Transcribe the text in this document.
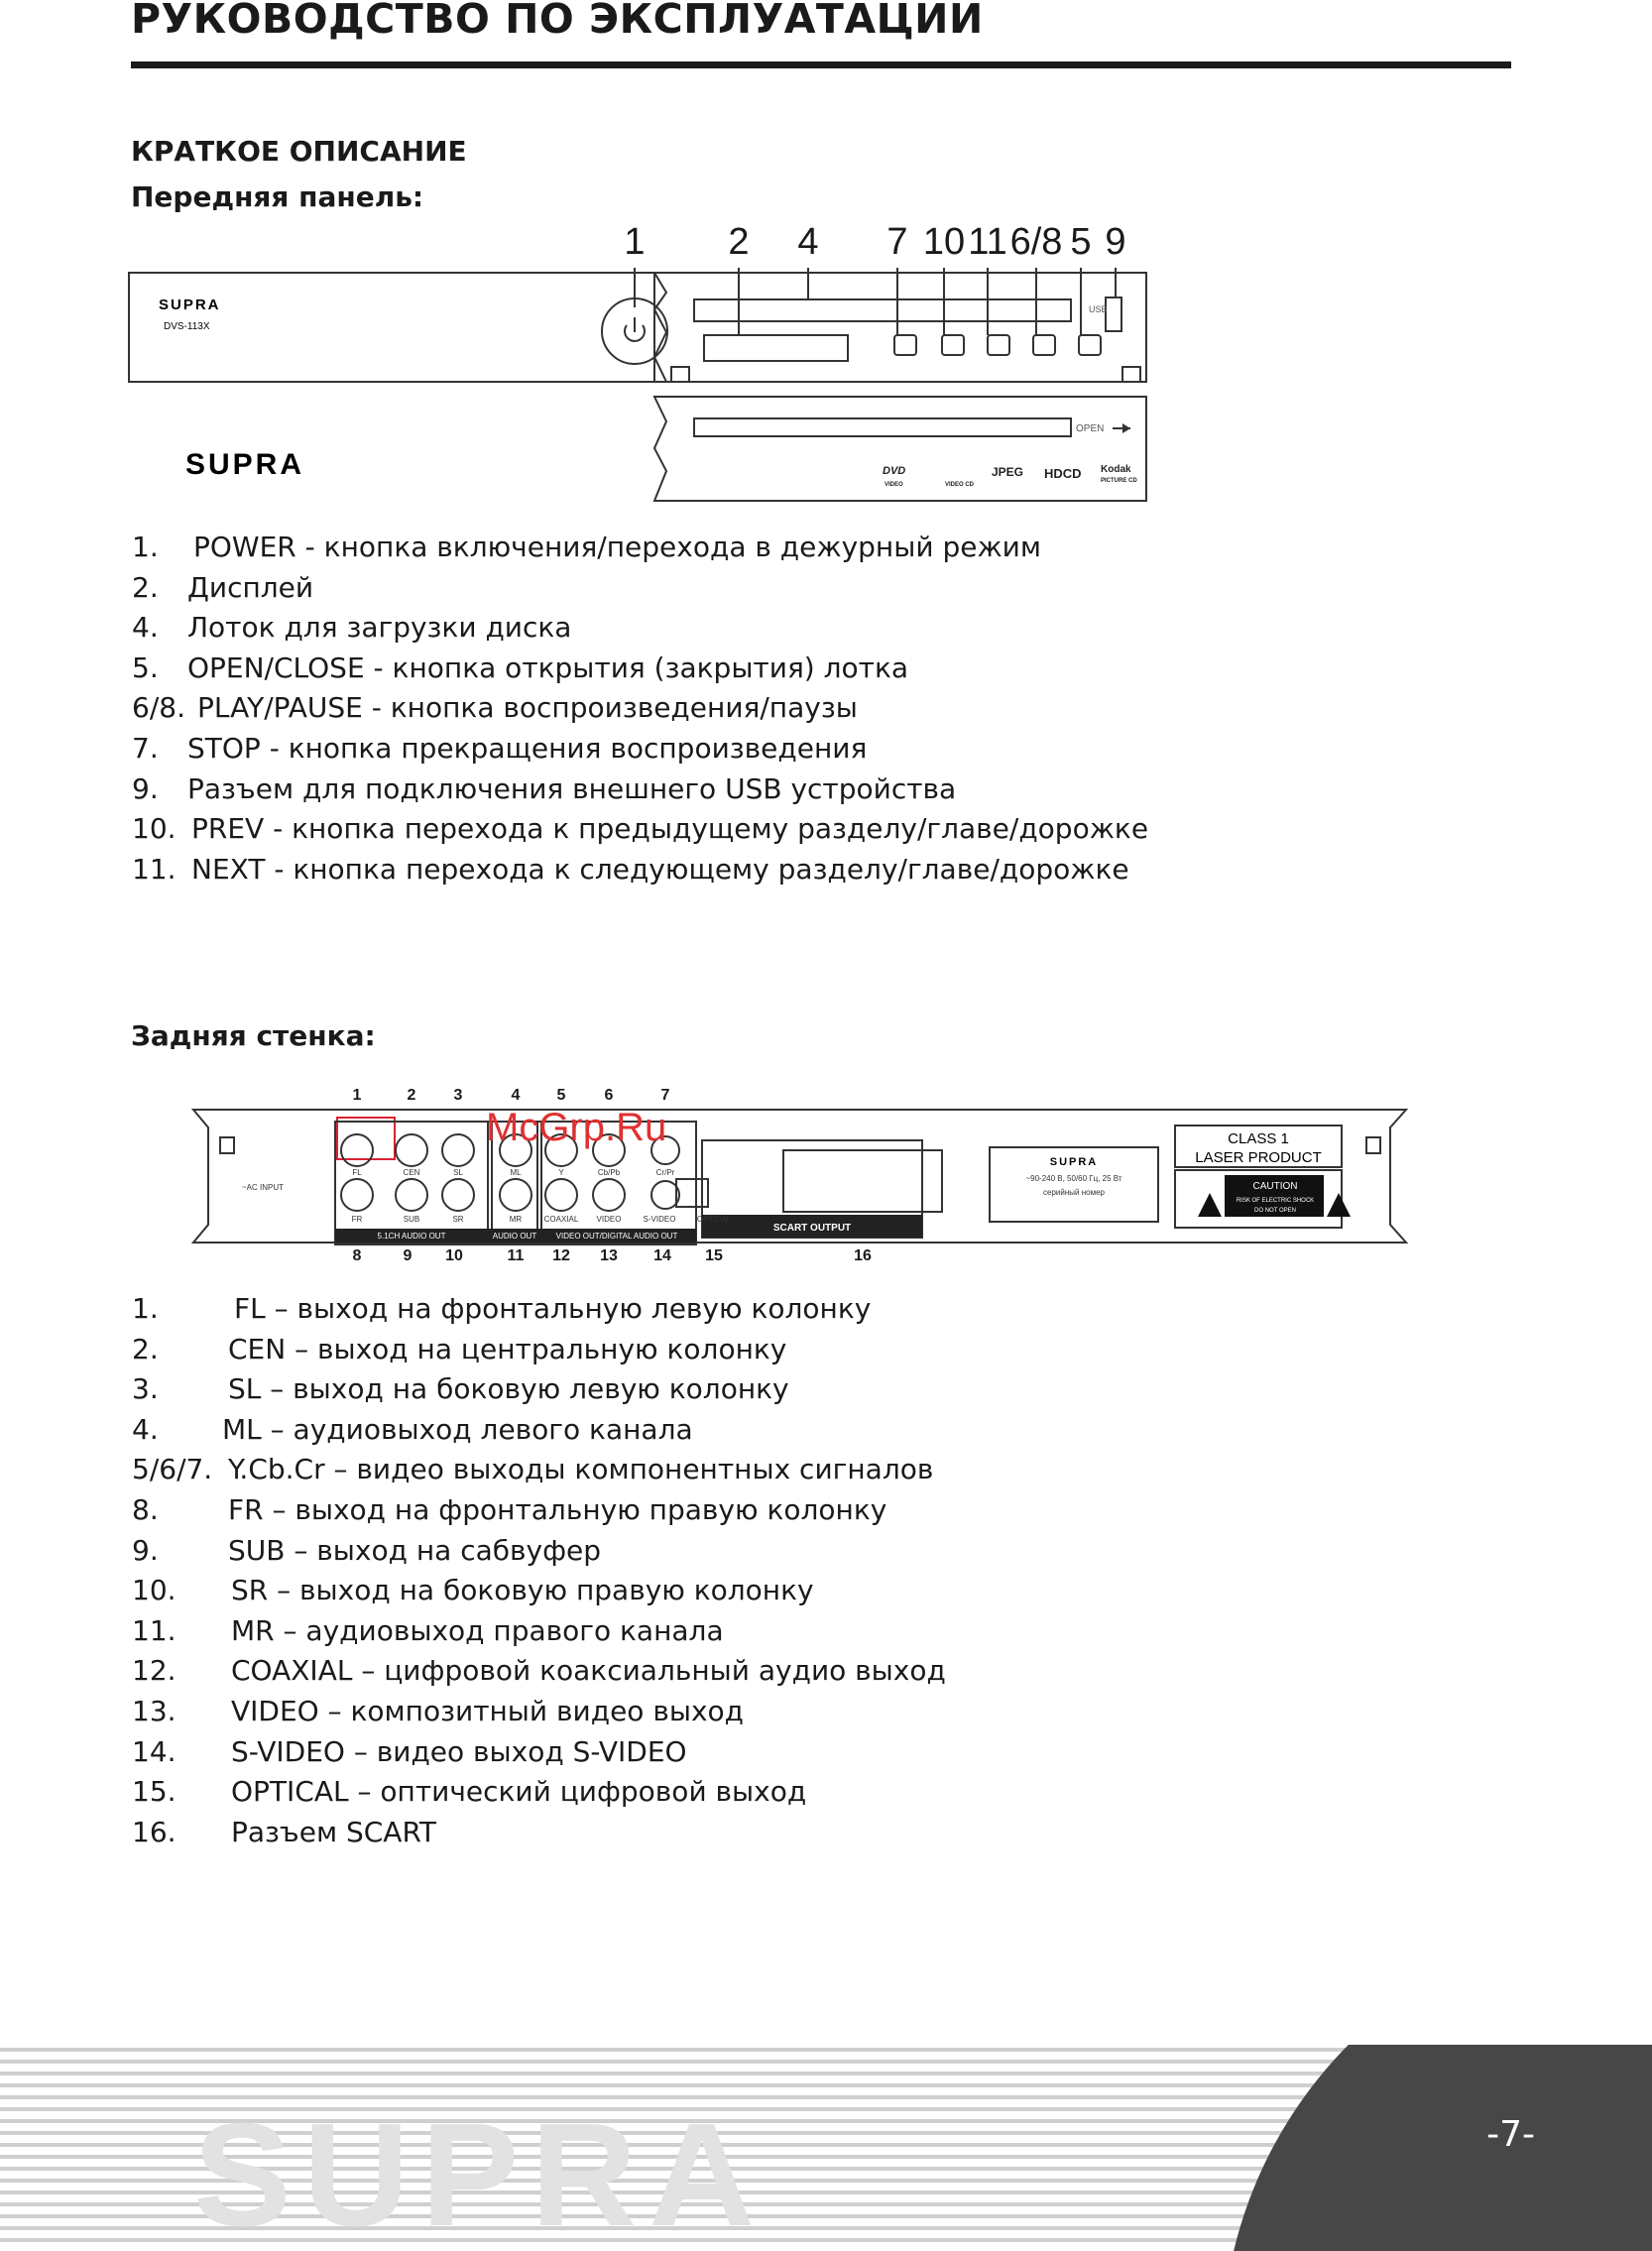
РУКОВОДСТВО ПО ЭКСПЛУАТАЦИИ
КРАТКОЕ ОПИСАНИЕ
Передняя панель:
1 2 4 7 10 11 6/8 5 9
SUPRA
DVS-113X
USB
OPEN
SUPRA	DVD
VIDEO	VIDEO CD
JPEG HDCD Kodak
PICTURE CD
1. POWER - кнопка включения/перехода в дежурный режим
2. Дисплей
4. Лоток для загрузки диска
5. OPEN/CLOSE - кнопка открытия (закрытия) лотка
6/8. PLAY/PAUSE - кнопка воспроизведения/паузы
7. STOP - кнопка прекращения воспроизведения
9. Разъем для подключения внешнего USB устройства
10. PREV - кнопка перехода к предыдущему разделу/главе/дорожке
11. NEXT - кнопка перехода к следующему разделу/главе/дорожке
Задняя стенка:
1	2 3	4 5 6	7
SCART OUTPUT
FL	CEN	SL	ML	Y	Cb/Pb	Cr/Pr
FR	SUB	SR	MR	COAXIAL VIDEO	S-VIDEO	OPTICAL
5.1CH AUDIO OUT	AUDIO OUT VIDEO OUT/DIGITAL AUDIO OUT
~AC INPUT
SUPRA
~90-240 В, 50/60 Гц, 25 Вт
серийный номер
CLASS 1
LASER PRODUCT
CAUTION
RISK OF ELECTRIC SHOCK
DO NOT OPEN
8	9 10	11 12 13 14 15	16
McGrp.Ru
1.	FL – выход на фронтальную левую колонку
2.	CEN – выход на центральную колонку
3.	SL – выход на боковую левую колонку
4. ML – аудиовыход левого канала
5/6/7. Y.Cb.Cr – видео выходы компонентных сигналов
8.	FR – выход на фронтальную правую колонку
9.	SUB – выход на сабвуфер
10. SR – выход на боковую правую колонку
11. MR – аудиовыход правого канала
12. COAXIAL – цифровой коаксиальный аудио выход
13. VIDEO – композитный видео выход
14. S-VIDEO – видео выход S-VIDEO
15. OPTICAL – оптический цифровой выход
16. Разъем SCART
SUPRA	-7-
